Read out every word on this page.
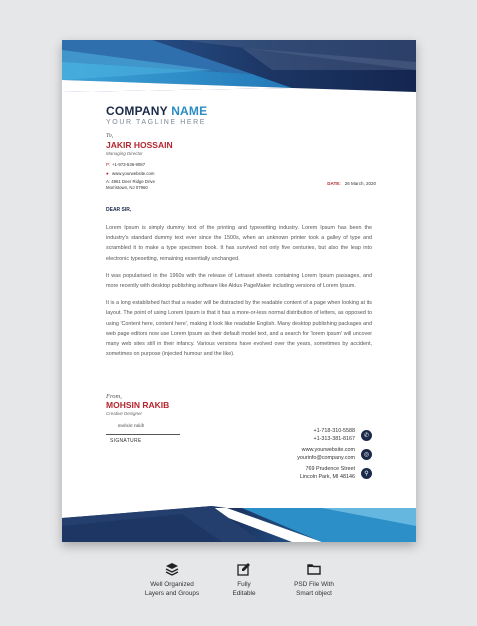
COMPANY NAME
YOUR TAGLINE HERE
To,
JAKIR HOSSAIN
Managing Director
P: +1-973-536-9087
● www.yourwebsite.com
A: 4961 Deer Ridge Drive
Morristown, NJ 07960
DATE: 26 March, 2020
DEAR SIR,

Lorem Ipsum is simply dummy text of the printing and typesetting industry. Lorem Ipsum has been the industry's standard dummy text ever since the 1500s, when an unknown printer took a galley of type and scrambled it to make a type specimen book. It has survived not only five centuries, but also the leap into electronic typesetting, remaining essentially unchanged.

It was popularised in the 1960s with the release of Letraset sheets containing Lorem Ipsum passages, and more recently with desktop publishing software like Aldus PageMaker including versions of Lorem Ipsum.

It is a long established fact that a reader will be distracted by the readable content of a page when looking at its layout. The point of using Lorem Ipsum is that it has a more-or-less normal distribution of letters, as opposed to using 'Content here, content here', making it look like readable English. Many desktop publishing packages and web page editors now use Lorem Ipsum as their default model text, and a search for 'lorem ipsum' will uncover many web sites still in their infancy. Various versions have evolved over the years, sometimes by accident, sometimes on purpose (injected humour and the like).

From,
MOHSIN RAKIB
Creative Designer
mohsin rakib
SIGNATURE
+1-718-310-5588
+1-313-381-8167
✆
www.yourwebsite.com
yourinfo@company.com
◎
769 Prudence Street
Lincoln Park, MI 48146
⚲
Well Organized
Layers and Groups
Fully
Editable
PSD File With
Smart object
